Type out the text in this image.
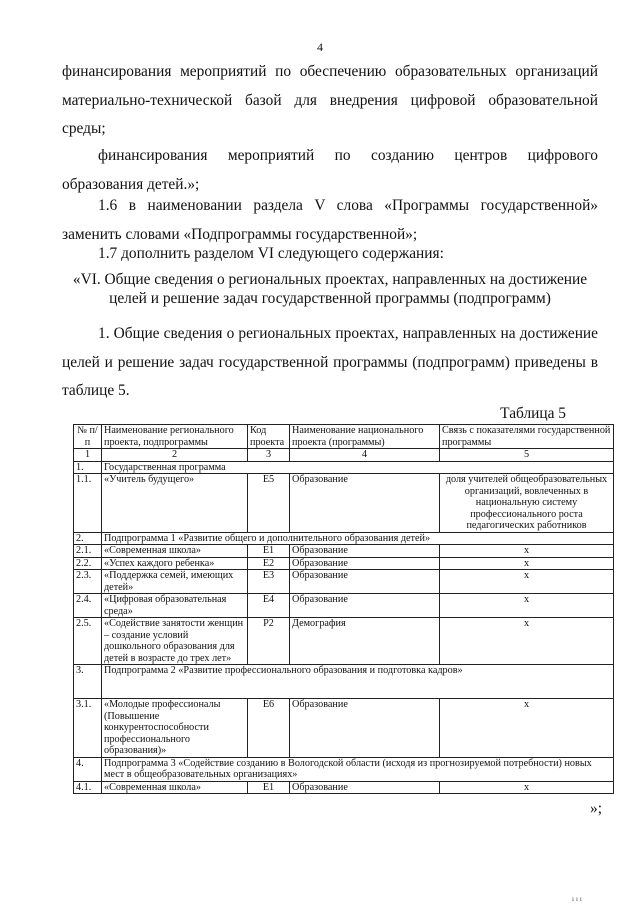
4
финансирования мероприятий по обеспечению образовательных организаций материально-технической базой для внедрения цифровой образовательной среды;
финансирования мероприятий по созданию центров цифрового образования детей.»;
1.6 в наименовании раздела V слова «Программы государственной» заменить словами «Подпрограммы государственной»;
1.7 дополнить разделом VI следующего содержания:
«VI. Общие сведения о региональных проектах, направленных на достижение
целей и решение задач государственной программы (подпрограмм)
1. Общие сведения о региональных проектах, направленных на достижение целей и решение задач государственной программы (подпрограмм) приведены в таблице 5.
Таблица 5
№ п/п	Наименование регионального проекта, подпрограммы	Код проекта	Наименование национального проекта (программы)	Связь с показателями государственной программы
1	2	3	4	5
1.	Государственная программа			
1.1.	«Учитель будущего»	E5	Образование	доля учителей общеобразовательных организаций, вовлеченных в национальную систему профессионального роста педагогических работников
2.	Подпрограмма 1 «Развитие общего и дополнительного образования детей»			
2.1.	«Современная школа»	E1	Образование	x
2.2.	«Успех каждого ребенка»	E2	Образование	x
2.3.	«Поддержка семей, имеющих детей»	E3	Образование	x
2.4.	«Цифровая образовательная среда»	E4	Образование	x
2.5.	«Содействие занятости женщин – создание условий дошкольного образования для детей в возрасте до трех лет»	P2	Демография	x
3.	Подпрограмма 2 «Развитие профессионального образования и подготовка кадров»			
3.1.	«Молодые профессионалы (Повышение конкурентоспособности профессионального образования)»	E6	Образование	x
4.	Подпрограмма 3 «Содействие созданию в Вологодской области (исходя из прогнозируемой потребности) новых мест в общеобразовательных организациях»			
4.1.	«Современная школа»	E1	Образование	x
»;
ııı
